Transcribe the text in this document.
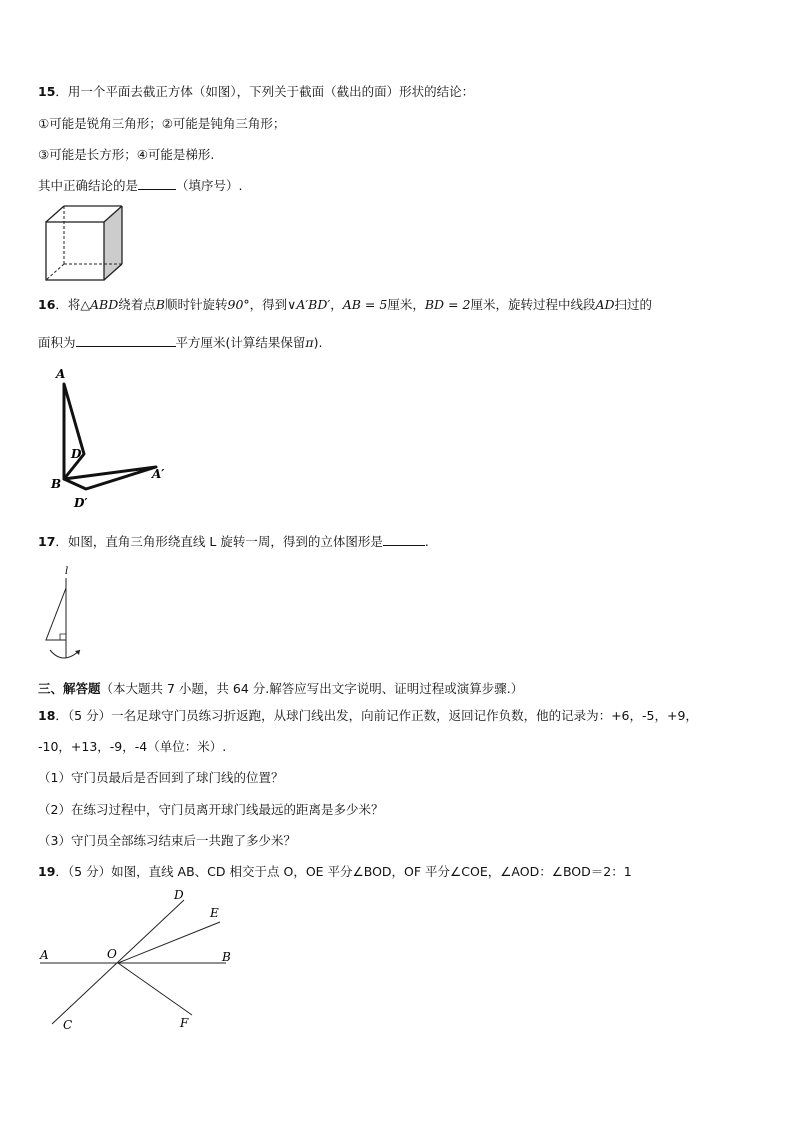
15．用一个平面去截正方体（如图），下列关于截面（截出的面）形状的结论：
①可能是锐角三角形；②可能是钝角三角形；
③可能是长方形；④可能是梯形.
其中正确结论的是	（填序号）.
16．将△ABD绕着点B顺时针旋转90°，得到∨A′BD′，AB = 5厘米，BD = 2厘米，旋转过程中线段AD扫过的
面积为	平方厘米(计算结果保留π).
A
D
B
A′
D′
17．如图，直角三角形绕直线 L 旋转一周，得到的立体图形是	.
l
三、解答题（本大题共 7 小题，共 64 分.解答应写出文字说明、证明过程或演算步骤.）
18．（5 分）一名足球守门员练习折返跑，从球门线出发，向前记作正数，返回记作负数，他的记录为：+6，-5，+9，
-10，+13，-9，-4（单位：米）.
（1）守门员最后是否回到了球门线的位置？
（2）在练习过程中，守门员离开球门线最远的距离是多少米？
（3）守门员全部练习结束后一共跑了多少米？
19．（5 分）如图，直线 AB、CD 相交于点 O，OE 平分∠BOD，OF 平分∠COE，∠AOD：∠BOD＝2：1
A	O	B
C
D
E
F
